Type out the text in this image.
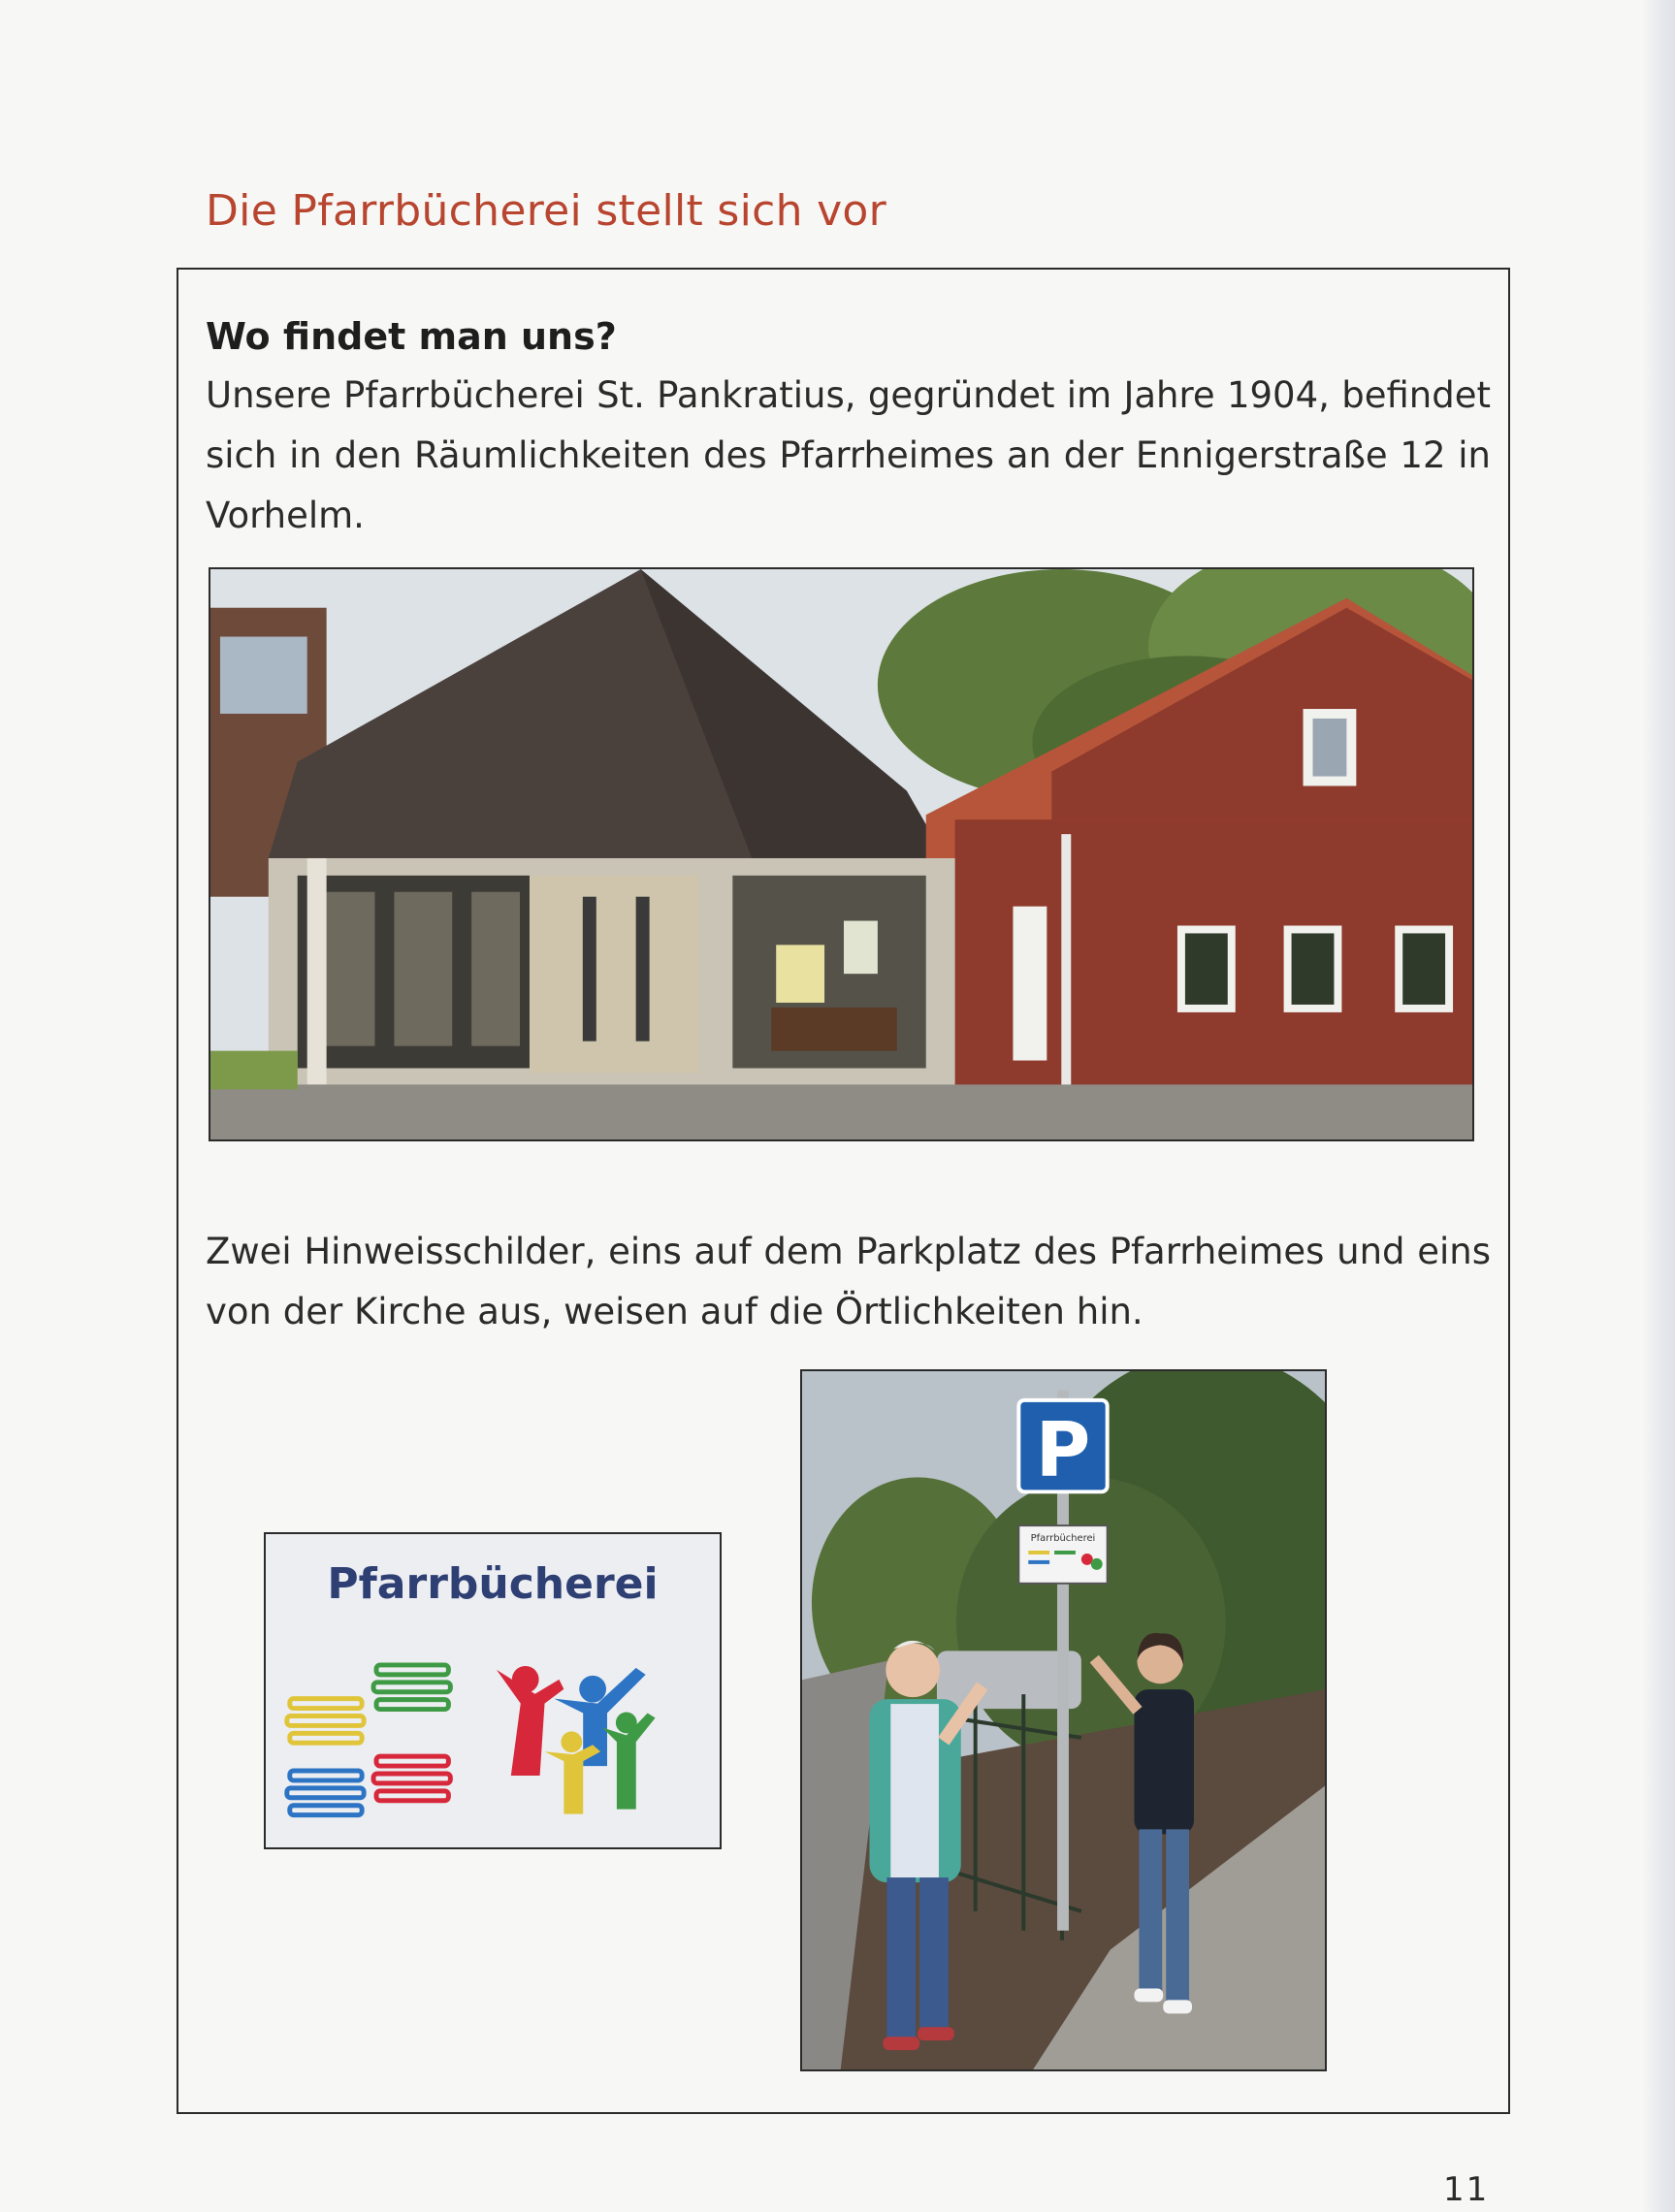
Die Pfarrbücherei stellt sich vor
Wo findet man uns?

Unsere Pfarrbücherei St. Pankratius, gegründet im Jahre 1904, befindet sich in den Räumlichkeiten des Pfarrheimes an der Ennigerstraße 12 in Vorhelm.

Zwei Hinweisschilder, eins auf dem Parkplatz des Pfarrheimes und eins von der Kirche aus, weisen auf die Örtlichkeiten hin.

Pfarrbücherei
P
Pfarrbücherei
11
